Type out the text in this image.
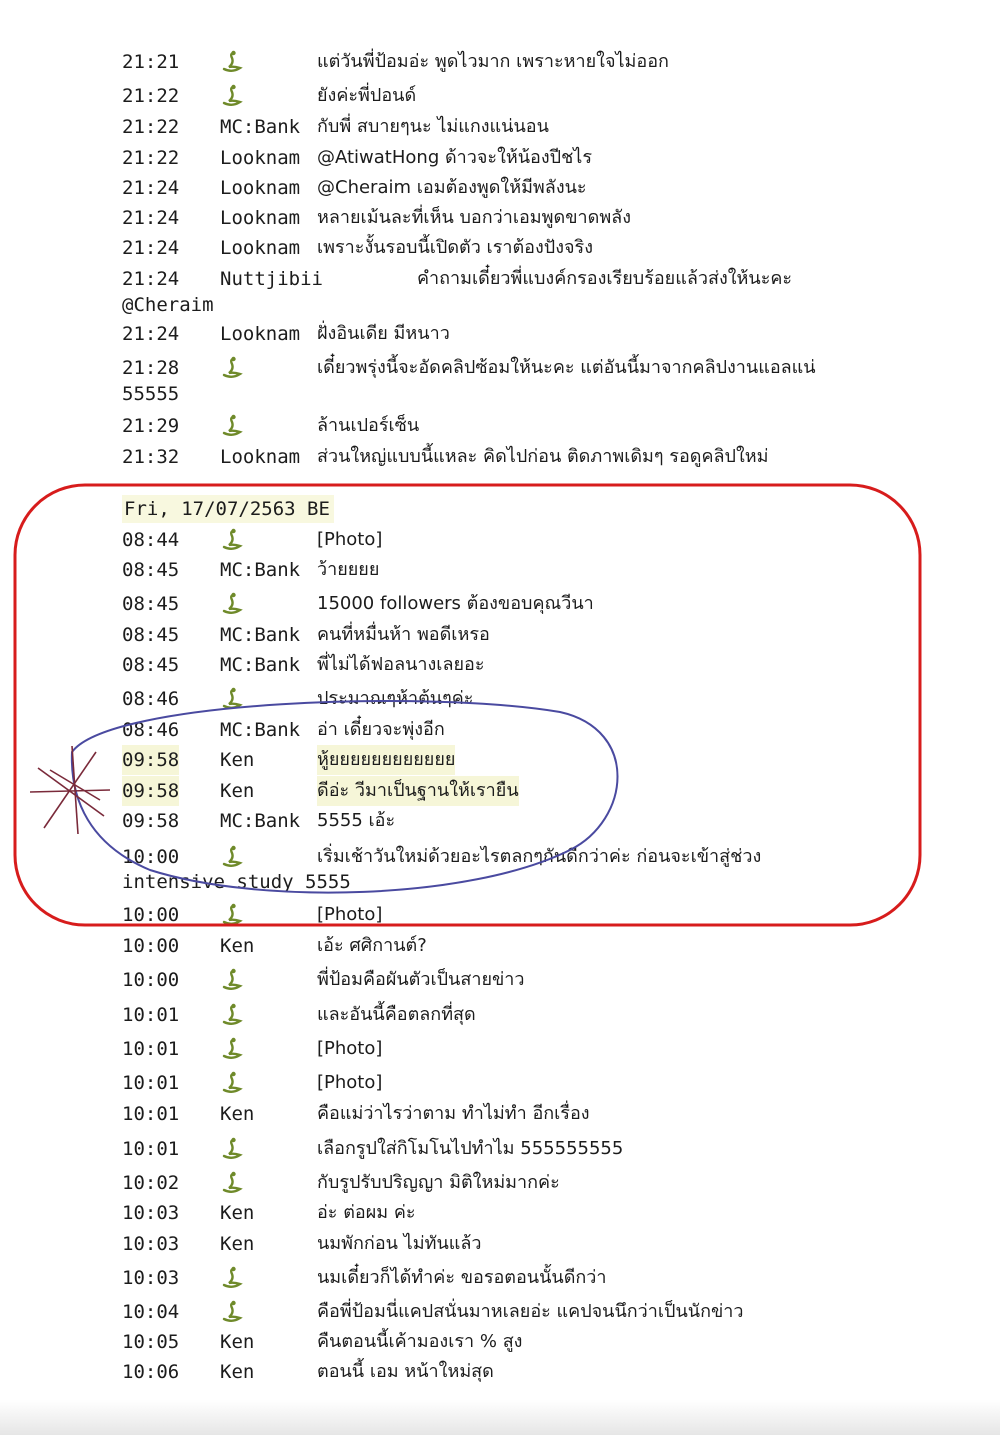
21:21	แต่วันพี่ป้อมอ่ะ พูดไวมาก เพราะหายใจไม่ออก
21:22	ยังค่ะพี่ปอนด์
21:22 MC:Bank กับพี่ สบายๆนะ ไม่แกงแน่นอน
21:22 Looknam @AtiwatHong ด้าวจะให้น้องปีชไร
21:24 Looknam @Cheraim เอมต้องพูดให้มีพลังนะ
21:24 Looknam หลายเม้นละที่เห็น บอกว่าเอมพูดขาดพลัง
21:24 Looknam เพราะงั้นรอบนี้เปิดตัว เราต้องปังจริง
21:24 Nuttjibii	คำถามเดี๋ยวพี่แบงค์กรองเรียบร้อยแล้วส่งให้นะคะ
@Cheraim
21:24 Looknam ฝั่งอินเดีย มีหนาว
21:28	เดี๋ยวพรุ่งนี้จะอัดคลิปซ้อมให้นะคะ แต่อันนี้มาจากคลิปงานแอลแน่
55555
21:29	ล้านเปอร์เซ็น
21:32 Looknam ส่วนใหญ่แบบนี้แหละ คิดไปก่อน ติดภาพเดิมๆ รอดูคลิปใหม่
Fri, 17/07/2563 BE
08:44	[Photo]
08:45 MC:Bank ว้ายยยย
08:45	15000 followers ต้องขอบคุณวีนา
08:45 MC:Bank คนที่หมื่นห้า พอดีเหรอ
08:45 MC:Bank พี่ไม่ได้ฟอลนางเลยอะ
08:46	ประมาณๆห้าต้นๆค่ะ
08:46 MC:Bank อ่า เดี๋ยวจะพุ่งอีก
09:58 Ken	หู้ยยยยยยยยยยยย
09:58 Ken	ดีอ่ะ วีมาเป็นฐานให้เรายืน
09:58 MC:Bank 5555 เอ้ะ
10:00	เริ่มเช้าวันใหม่ด้วยอะไรตลกๆกันดีกว่าค่ะ ก่อนจะเข้าสู่ช่วง
intensive study 5555
10:00	[Photo]
10:00 Ken	เอ้ะ ศศิกานต์?
10:00	พี่ป้อมคือผันตัวเป็นสายข่าว
10:01	และอันนี้คือตลกที่สุด
10:01	[Photo]
10:01	[Photo]
10:01 Ken	คือแม่ว่าไรว่าตาม ทำไม่ทำ อีกเรื่อง
10:01	เลือกรูปใส่กิโมโนไปทำไม 555555555
10:02	กับรูปรับปริญญา มิติใหม่มากค่ะ
10:03 Ken	อ่ะ ต่อผม ค่ะ
10:03 Ken	นมพักก่อน ไม่ทันแล้ว
10:03	นมเดี๋ยวก็ได้ทำค่ะ ขอรอตอนนั้นดีกว่า
10:04	คือพี่ป้อมนี่แคปสนั่นมาหเลยอ่ะ แคปจนนึกว่าเป็นนักข่าว
10:05 Ken	คืนตอนนี้เค้ามองเรา % สูง
10:06 Ken	ตอนนี้ เอม หน้าใหม่สุด
